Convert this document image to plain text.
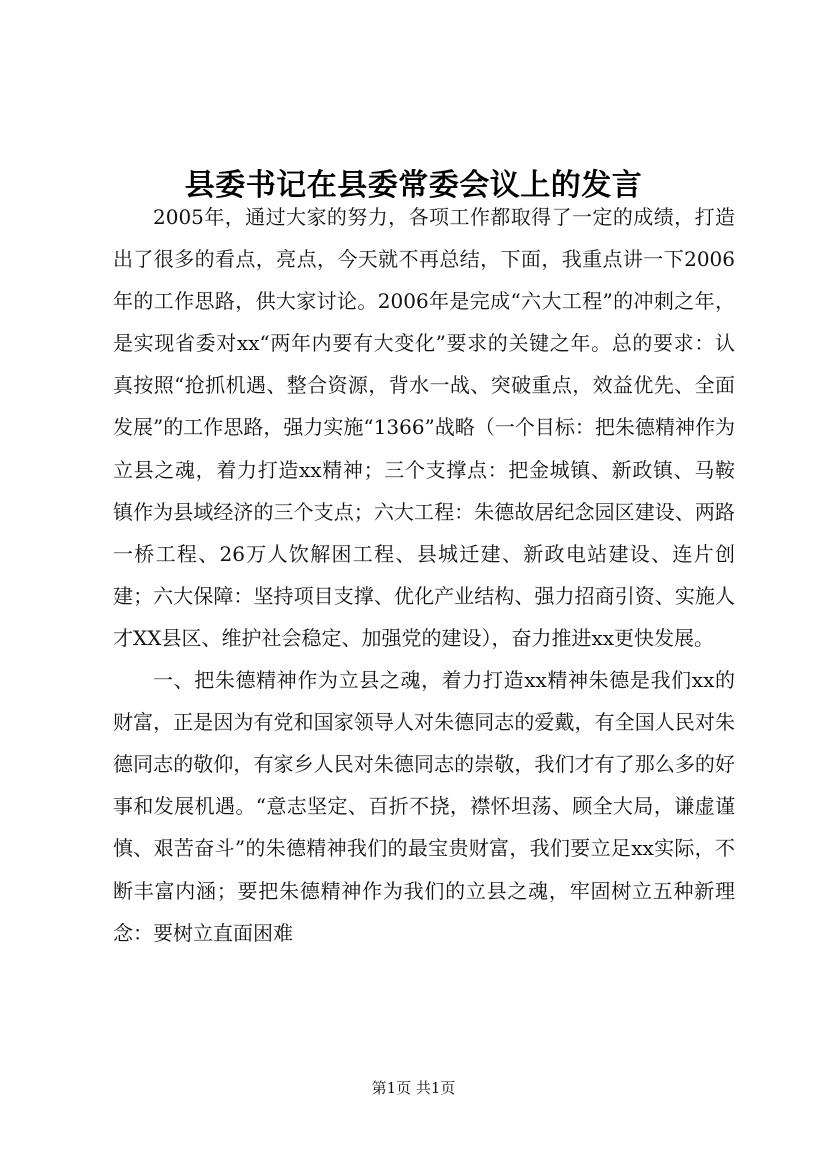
县委书记在县委常委会议上的发言

2005年，通过大家的努力，各项工作都取得了一定的成绩，打造出了很多的看点，亮点，今天就不再总结，下面，我重点讲一下2006年的工作思路，供大家讨论。2006年是完成“六大工程”的冲刺之年，是实现省委对xx“两年内要有大变化”要求的关键之年。总的要求：认真按照“抢抓机遇、整合资源，背水一战、突破重点，效益优先、全面发展”的工作思路，强力实施“1366”战略（一个目标：把朱德精神作为立县之魂，着力打造xx精神；三个支撑点：把金城镇、新政镇、马鞍镇作为县域经济的三个支点；六大工程：朱德故居纪念园区建设、两路一桥工程、26万人饮解困工程、县城迁建、新政电站建设、连片创建；六大保障：坚持项目支撑、优化产业结构、强力招商引资、实施人才XX县区、维护社会稳定、加强党的建设），奋力推进xx更快发展。

一、把朱德精神作为立县之魂，着力打造xx精神朱德是我们xx的财富，正是因为有党和国家领导人对朱德同志的爱戴，有全国人民对朱德同志的敬仰，有家乡人民对朱德同志的崇敬，我们才有了那么多的好事和发展机遇。“意志坚定、百折不挠，襟怀坦荡、顾全大局，谦虚谨慎、艰苦奋斗”的朱德精神我们的最宝贵财富，我们要立足xx实际，不断丰富内涵；要把朱德精神作为我们的立县之魂，牢固树立五种新理念：要树立直面困难

第1页 共1页
